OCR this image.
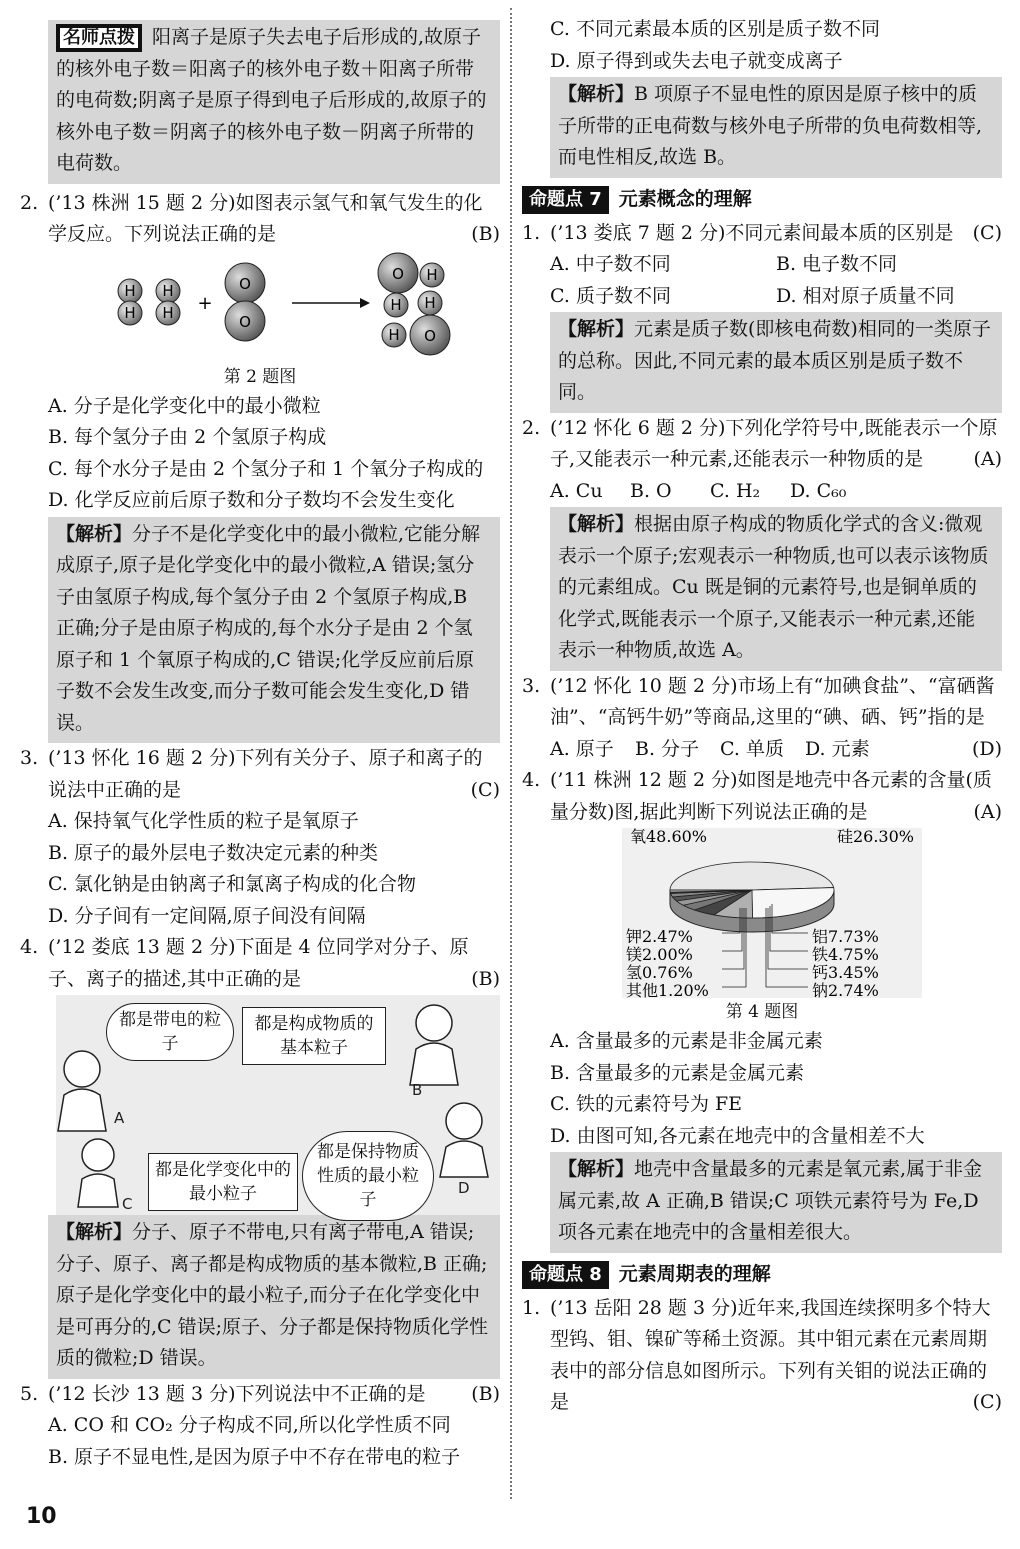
名师点拨 阳离子是原子失去电子后形成的,故原子的核外电子数＝阳离子的核外电子数＋阳离子所带的电荷数;阴离子是原子得到电子后形成的,故原子的核外电子数＝阴离子的核外电子数－阴离子所带的电荷数。
2. (’13 株洲 15 题 2 分)如图表示氢气和氧气发生的化学反应。下列说法正确的是	(B)
H
H
H
H +
O
O
O H
H H
H O
第 2 题图
A. 分子是化学变化中的最小微粒
B. 每个氢分子由 2 个氢原子构成
C. 每个水分子是由 2 个氢分子和 1 个氧分子构成的
D. 化学反应前后原子数和分子数均不会发生变化
【解析】分子不是化学变化中的最小微粒,它能分解成原子,原子是化学变化中的最小微粒,A 错误;氢分子由氢原子构成,每个氢分子由 2 个氢原子构成,B 正确;分子是由原子构成的,每个水分子是由 2 个氢原子和 1 个氧原子构成的,C 错误;化学反应前后原子数不会发生改变,而分子数可能会发生变化,D 错误。
3. (’13 怀化 16 题 2 分)下列有关分子、原子和离子的说法中正确的是	(C)
A. 保持氧气化学性质的粒子是氧原子
B. 原子的最外层电子数决定元素的种类
C. 氯化钠是由钠离子和氯离子构成的化合物
D. 分子间有一定间隔,原子间没有间隔
4. (’12 娄底 13 题 2 分)下面是 4 位同学对分子、原子、离子的描述,其中正确的是	(B)
都是带电的粒子
都是构成物质的基本粒子
都是化学变化中的最小粒子
都是保持物质性质的最小粒子
A
B
C
D
【解析】分子、原子不带电,只有离子带电,A 错误;分子、原子、离子都是构成物质的基本微粒,B 正确;原子是化学变化中的最小粒子,而分子在化学变化中是可再分的,C 错误;原子、分子都是保持物质化学性质的微粒;D 错误。
5. (’12 长沙 13 题 3 分)下列说法中不正确的是 (B)
A. CO 和 CO₂ 分子构成不同,所以化学性质不同
B. 原子不显电性,是因为原子中不存在带电的粒子
C. 不同元素最本质的区别是质子数不同
D. 原子得到或失去电子就变成离子
【解析】B 项原子不显电性的原因是原子核中的质子所带的正电荷数与核外电子所带的负电荷数相等,而电性相反,故选 B。
命题点 7 元素概念的理解
1. (’13 娄底 7 题 2 分)不同元素间最本质的区别是 (C)
A. 中子数不同	B. 电子数不同
C. 质子数不同	D. 相对原子质量不同
【解析】元素是质子数(即核电荷数)相同的一类原子的总称。因此,不同元素的最本质区别是质子数不同。
2. (’12 怀化 6 题 2 分)下列化学符号中,既能表示一个原子,又能表示一种元素,还能表示一种物质的是	(A)
A. Cu	B. O	C. H₂	D. C₆₀
【解析】根据由原子构成的物质化学式的含义:微观表示一个原子;宏观表示一种物质,也可以表示该物质的元素组成。Cu 既是铜的元素符号,也是铜单质的化学式,既能表示一个原子,又能表示一种元素,还能表示一种物质,故选 A。
3. (’12 怀化 10 题 2 分)市场上有“加碘食盐”、“富硒酱油”、“高钙牛奶”等商品,这里的“碘、硒、钙”指的是
(D)
A. 原子	B. 分子	C. 单质	D. 元素
4. (’11 株洲 12 题 2 分)如图是地壳中各元素的含量(质量分数)图,据此判断下列说法正确的是	(A)
氧48.60%	硅26.30%
铝7.73%
铁4.75%
钙3.45%
钠2.74%
钾2.47%
镁2.00%
氢0.76%
其他1.20%
第 4 题图
A. 含量最多的元素是非金属元素
B. 含量最多的元素是金属元素
C. 铁的元素符号为 FE
D. 由图可知,各元素在地壳中的含量相差不大
【解析】地壳中含量最多的元素是氧元素,属于非金属元素,故 A 正确,B 错误;C 项铁元素符号为 Fe,D 项各元素在地壳中的含量相差很大。
命题点 8 元素周期表的理解
1. (’13 岳阳 28 题 3 分)近年来,我国连续探明多个特大型钨、钼、镍矿等稀土资源。其中钼元素在元素周期表中的部分信息如图所示。下列有关钼的说法正确的是	(C)
10
